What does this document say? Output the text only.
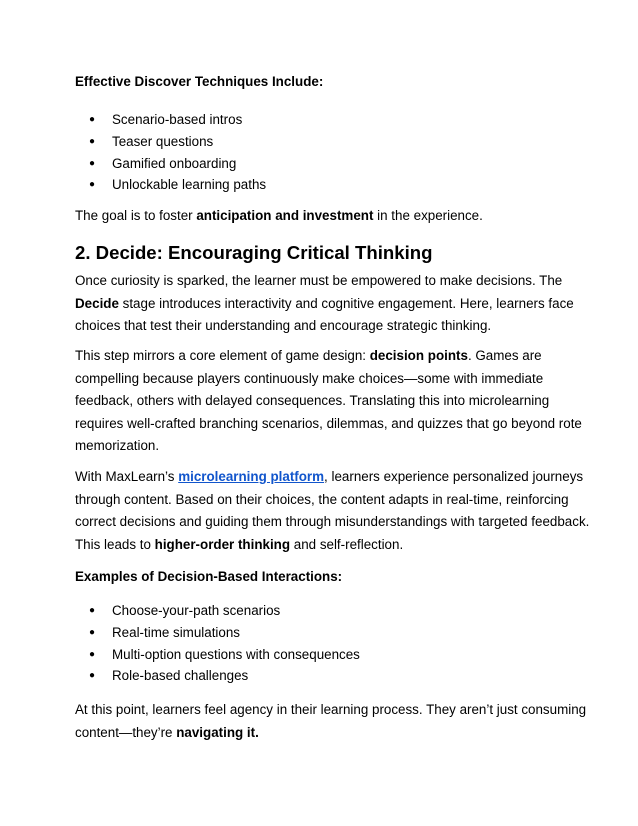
Effective Discover Techniques Include:

● Scenario-based intros
● Teaser questions
● Gamified onboarding
● Unlockable learning paths

The goal is to foster anticipation and investment in the experience.

2. Decide: Encouraging Critical Thinking

Once curiosity is sparked, the learner must be empowered to make decisions. The Decide stage introduces interactivity and cognitive engagement. Here, learners face choices that test their understanding and encourage strategic thinking.

This step mirrors a core element of game design: decision points. Games are compelling because players continuously make choices—some with immediate feedback, others with delayed consequences. Translating this into microlearning requires well-crafted branching scenarios, dilemmas, and quizzes that go beyond rote memorization.

With MaxLearn’s microlearning platform, learners experience personalized journeys through content. Based on their choices, the content adapts in real-time, reinforcing correct decisions and guiding them through misunderstandings with targeted feedback. This leads to higher-order thinking and self-reflection.

Examples of Decision-Based Interactions:

● Choose-your-path scenarios
● Real-time simulations
● Multi-option questions with consequences
● Role-based challenges

At this point, learners feel agency in their learning process. They aren’t just consuming content—they’re navigating it.
